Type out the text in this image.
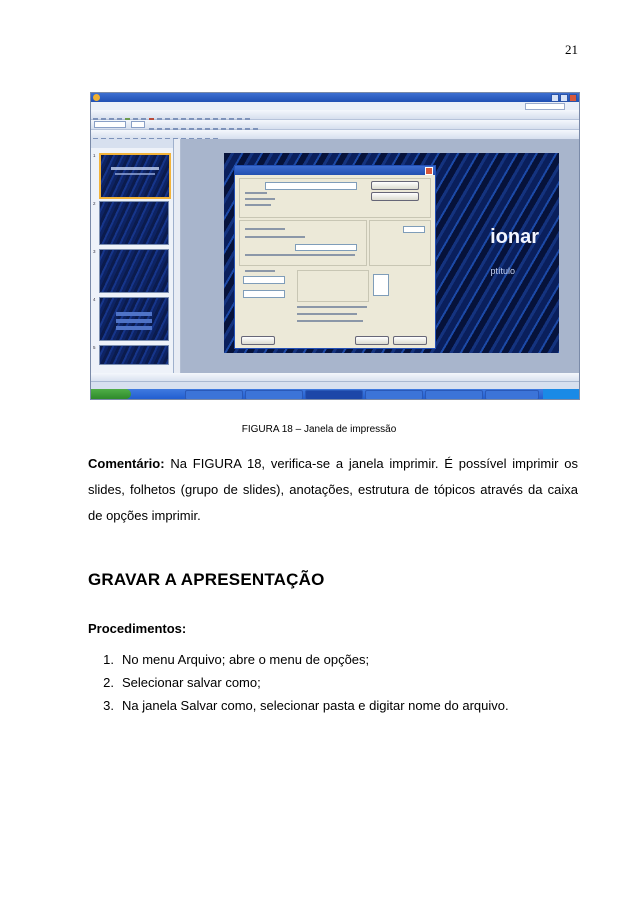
21
1
2
3
4
5
ionar
ptítulo
FIGURA 18 – Janela de impressão

Comentário: Na FIGURA 18, verifica-se a janela imprimir. É possível imprimir os slides, folhetos (grupo de slides), anotações, estrutura de tópicos através da caixa de opções imprimir.

GRAVAR A APRESENTAÇÃO
Procedimentos:
1. No menu Arquivo; abre o menu de opções;
2. Selecionar salvar como;
3. Na janela Salvar como, selecionar pasta e digitar nome do arquivo.
